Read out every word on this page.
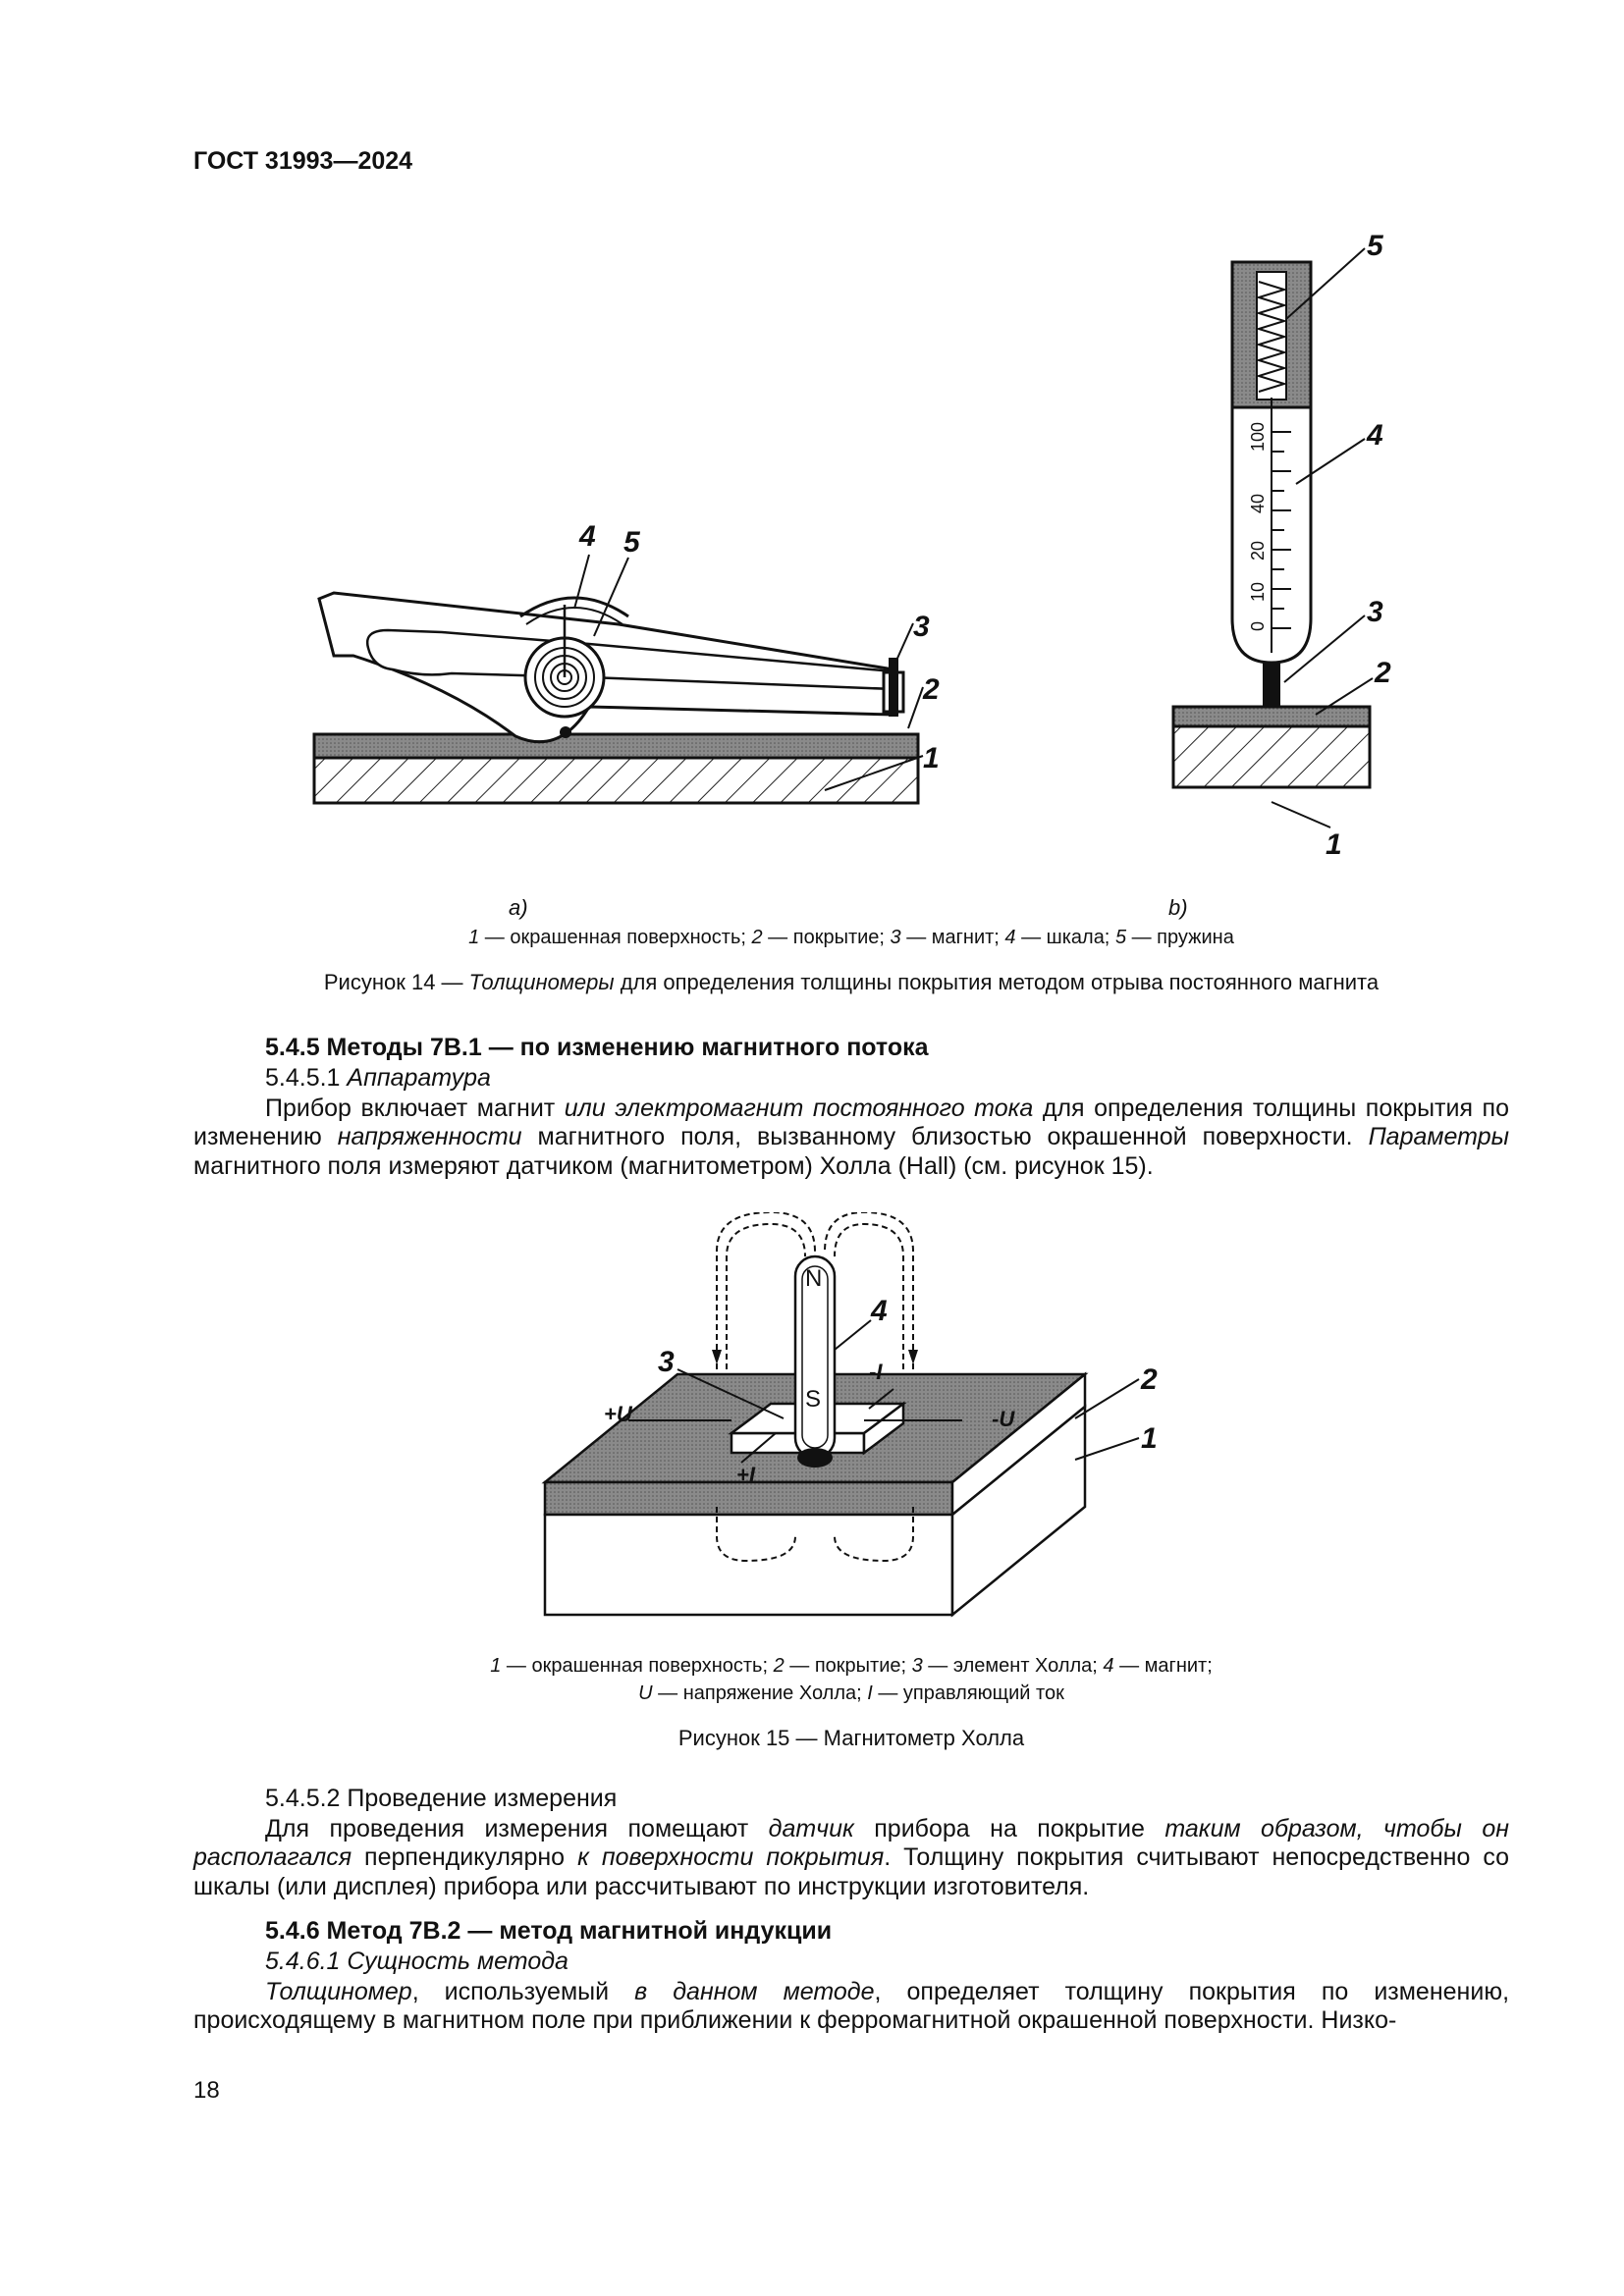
ГОСТ 31993—2024
4 5
3
2
1
0
10
20
40
100
5
4
3
2
1
a)	b)
1 — окрашенная поверхность; 2 — покрытие; 3 — магнит; 4 — шкала; 5 — пружина
Рисунок 14 — Толщиномеры для определения толщины покрытия методом отрыва постоянного магнита
5.4.5 Методы 7В.1 — по изменению магнитного потока
5.4.5.1 Аппаратура
Прибор включает магнит или электромагнит постоянного тока для определения толщины покрытия по изменению напряженности магнитного поля, вызванному близостью окрашенной поверхности. Параметры магнитного поля измеряют датчиком (магнитометром) Холла (Hall) (см. рисунок 15).
N
S
+U	-U
+I
-I
3
4
2
1
1 — окрашенная поверхность; 2 — покрытие; 3 — элемент Холла; 4 — магнит;
U — напряжение Холла; I — управляющий ток
Рисунок 15 — Магнитометр Холла
5.4.5.2 Проведение измерения
Для проведения измерения помещают датчик прибора на покрытие таким образом, чтобы он располагался перпендикулярно к поверхности покрытия. Толщину покрытия считывают непосредственно со шкалы (или дисплея) прибора или рассчитывают по инструкции изготовителя.
5.4.6 Метод 7В.2 — метод магнитной индукции
5.4.6.1 Сущность метода
Толщиномер, используемый в данном методе, определяет толщину покрытия по изменению, происходящему в магнитном поле при приближении к ферромагнитной окрашенной поверхности. Низко-
18
